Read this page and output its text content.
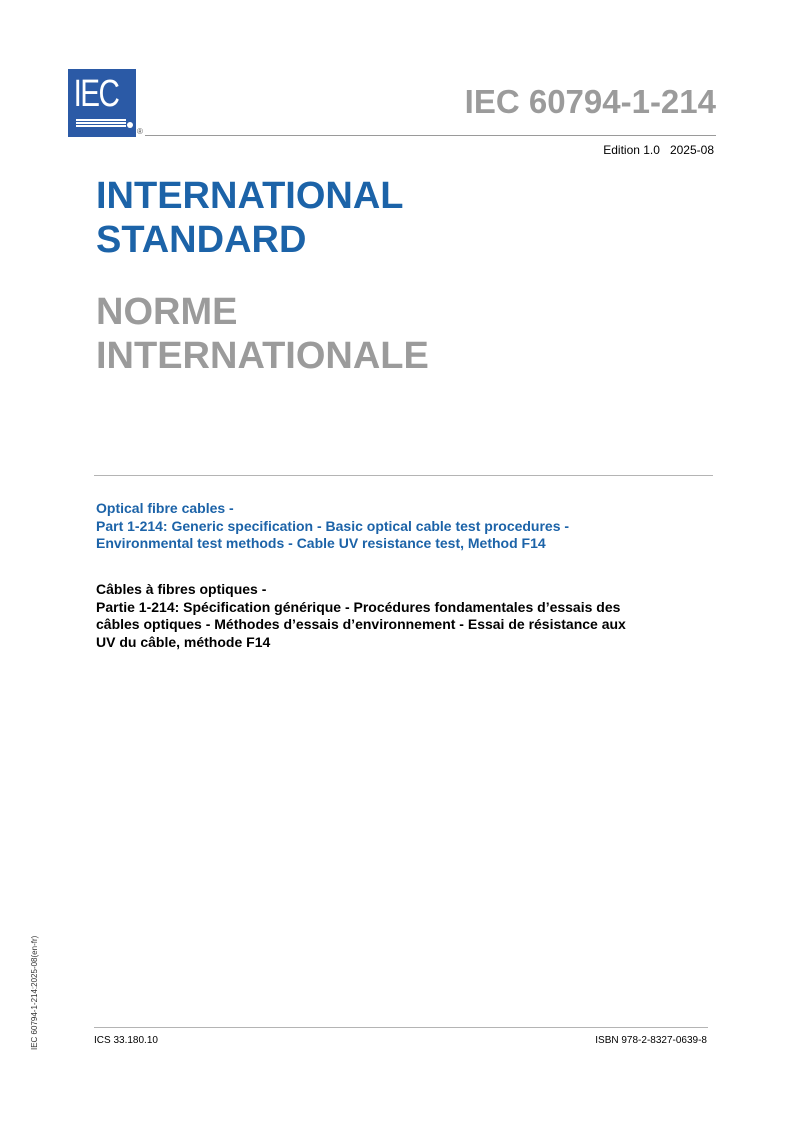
IEC
®
IEC 60794-1-214
Edition 1.0 2025-08
INTERNATIONAL
STANDARD
NORME
INTERNATIONALE
Optical fibre cables -
Part 1-214: Generic specification - Basic optical cable test procedures -
Environmental test methods - Cable UV resistance test, Method F14
Câbles à fibres optiques -
Partie 1-214: Spécification générique - Procédures fondamentales d’essais des
câbles optiques - Méthodes d’essais d’environnement - Essai de résistance aux
UV du câble, méthode F14
IEC 60794-1-214:2025-08(en-fr)	ICS 33.180.10	ISBN 978-2-8327-0639-8
